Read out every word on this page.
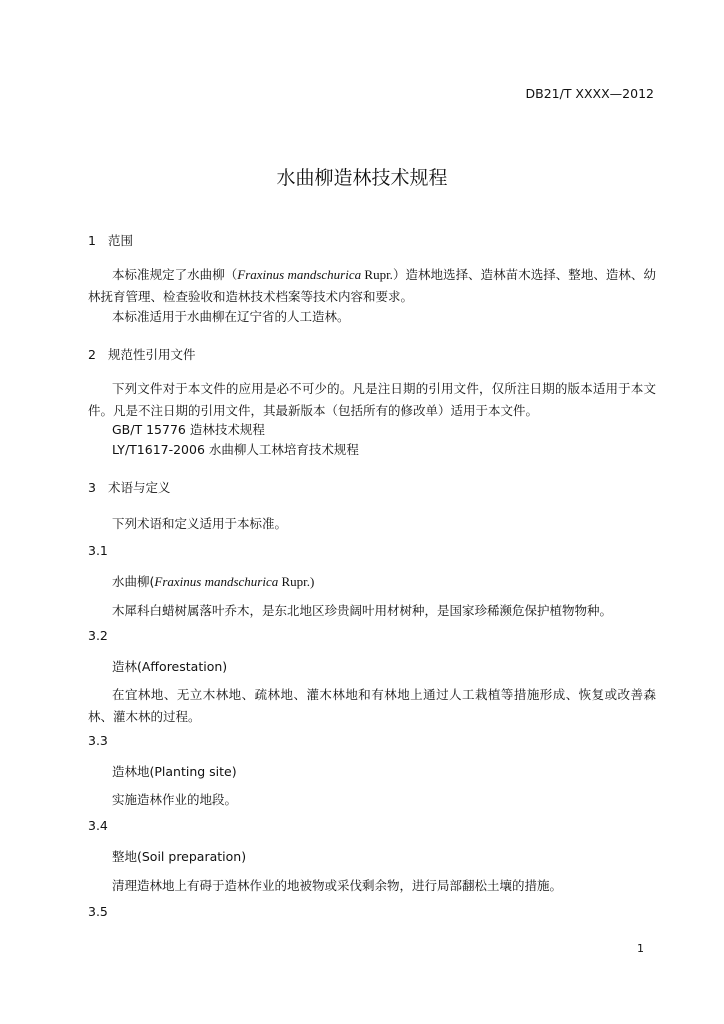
DB21/T XXXX—2012
水曲柳造林技术规程
1 范围
本标准规定了水曲柳（Fraxinus mandschurica Rupr.）造林地选择、造林苗木选择、整地、造林、幼林抚育管理、检查验收和造林技术档案等技术内容和要求。
本标准适用于水曲柳在辽宁省的人工造林。
2 规范性引用文件
下列文件对于本文件的应用是必不可少的。凡是注日期的引用文件，仅所注日期的版本适用于本文件。凡是不注日期的引用文件，其最新版本（包括所有的修改单）适用于本文件。
GB/T 15776 造林技术规程
LY/T1617-2006 水曲柳人工林培育技术规程
3 术语与定义
下列术语和定义适用于本标准。
3.1
水曲柳(Fraxinus mandschurica Rupr.)
木犀科白蜡树属落叶乔木，是东北地区珍贵阔叶用材树种，是国家珍稀濒危保护植物物种。
3.2
造林(Afforestation)
在宜林地、无立木林地、疏林地、灌木林地和有林地上通过人工栽植等措施形成、恢复或改善森林、灌木林的过程。
3.3
造林地(Planting site)
实施造林作业的地段。
3.4
整地(Soil preparation)
清理造林地上有碍于造林作业的地被物或采伐剩余物，进行局部翻松土壤的措施。
3.5
1
